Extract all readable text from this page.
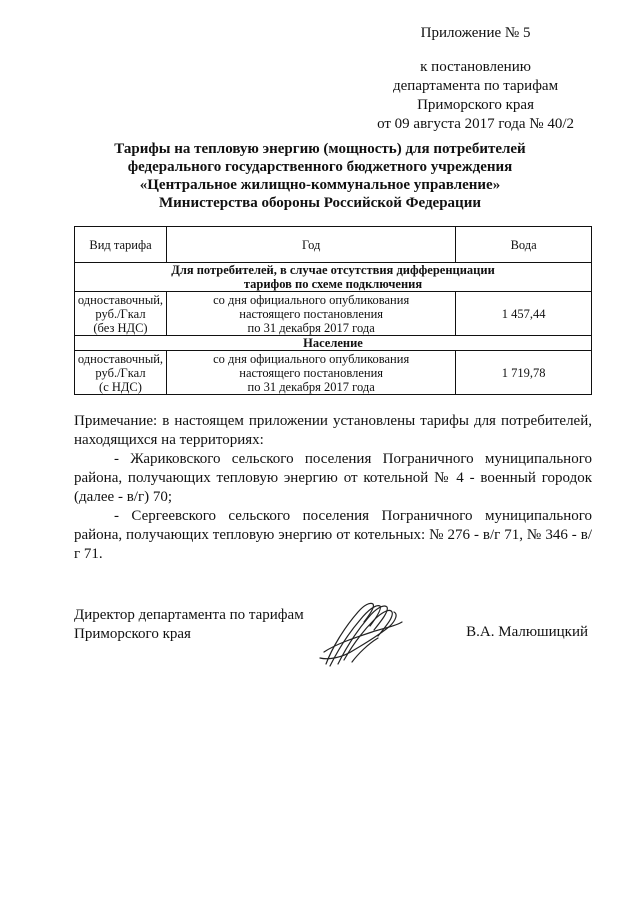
Приложение № 5
к постановлению
департамента по тарифам
Приморского края
от 09 августа 2017 года № 40/2
Тарифы на тепловую энергию (мощность) для потребителей
федерального государственного бюджетного учреждения
«Центральное жилищно-коммунальное управление»
Министерства обороны Российской Федерации
Вид тарифа	Год	Вода

Для потребителей, в случае отсутствия дифференциации
тарифов по схеме подключения		

одноставочный,
руб./Гкал
(без НДС)	со дня официального опубликования
настоящего постановления
по 31 декабря 2017 года	1 457,44
Население		

одноставочный,
руб./Гкал
(с НДС)	со дня официального опубликования
настоящего постановления
по 31 декабря 2017 года	1 719,78

Примечание: в настоящем приложении установлены тарифы для потребителей, находящихся на территориях:

- Жариковского сельского поселения Пограничного муниципального района, получающих тепловую энергию от котельной № 4 - военный городок (далее - в/г) 70;

- Сергеевского сельского поселения Пограничного муниципального района, получающих тепловую энергию от котельных: № 276 - в/г 71, № 346 - в/г 71.

Директор департамента по тарифам
Приморского края	В.А. Малюшицкий
